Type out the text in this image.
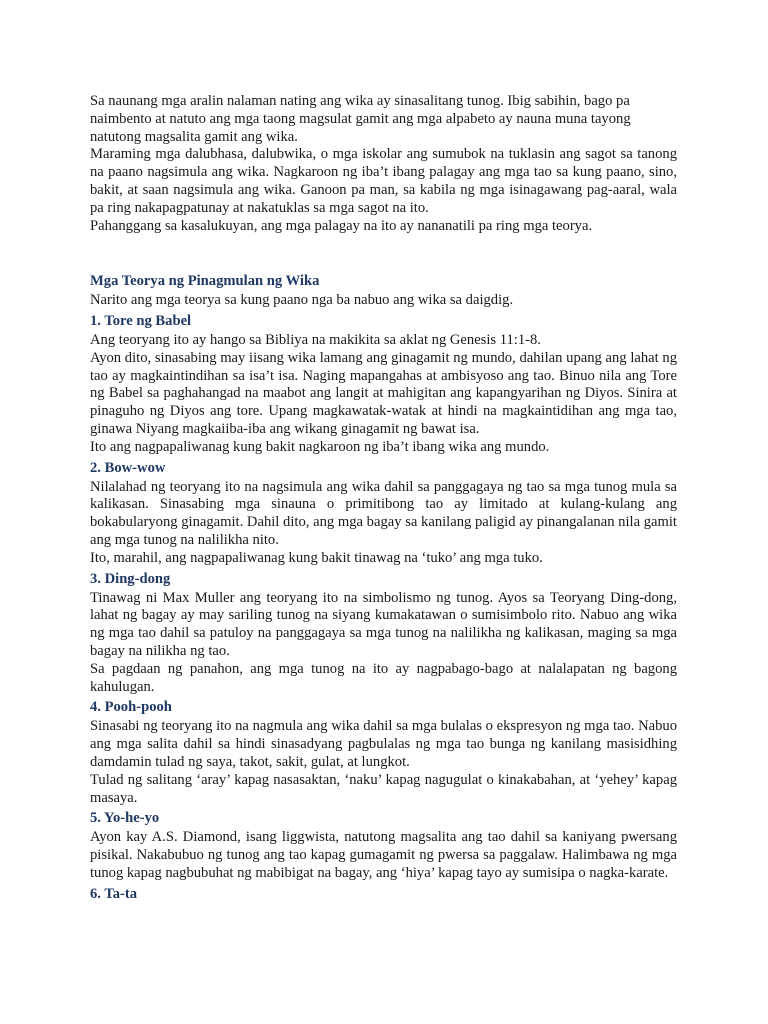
Sa naunang mga aralin nalaman nating ang wika ay sinasalitang tunog. Ibig sabihin, bago pa naimbento at natuto ang mga taong magsulat gamit ang mga alpabeto ay nauna muna tayong natutong magsalita gamit ang wika.

Maraming mga dalubhasa, dalubwika, o mga iskolar ang sumubok na tuklasin ang sagot sa tanong na paano nagsimula ang wika. Nagkaroon ng iba’t ibang palagay ang mga tao sa kung paano, sino, bakit, at saan nagsimula ang wika. Ganoon pa man, sa kabila ng mga isinagawang pag-aaral, wala pa ring nakapagpatunay at nakatuklas sa mga sagot na ito.

Pahanggang sa kasalukuyan, ang mga palagay na ito ay nananatili pa ring mga teorya.

Mga Teorya ng Pinagmulan ng Wika

Narito ang mga teorya sa kung paano nga ba nabuo ang wika sa daigdig.

1. Tore ng Babel

Ang teoryang ito ay hango sa Bibliya na makikita sa aklat ng Genesis 11:1-8.

Ayon dito, sinasabing may iisang wika lamang ang ginagamit ng mundo, dahilan upang ang lahat ng tao ay magkaintindihan sa isa’t isa. Naging mapangahas at ambisyoso ang tao. Binuo nila ang Tore ng Babel sa paghahangad na maabot ang langit at mahigitan ang kapangyarihan ng Diyos. Sinira at pinaguho ng Diyos ang tore. Upang magkawatak-watak at hindi na magkaintidihan ang mga tao, ginawa Niyang magkaiiba-iba ang wikang ginagamit ng bawat isa.

Ito ang nagpapaliwanag kung bakit nagkaroon ng iba’t ibang wika ang mundo.

2. Bow-wow

Nilalahad ng teoryang ito na nagsimula ang wika dahil sa panggagaya ng tao sa mga tunog mula sa kalikasan. Sinasabing mga sinauna o primitibong tao ay limitado at kulang-kulang ang bokabularyong ginagamit. Dahil dito, ang mga bagay sa kanilang paligid ay pinangalanan nila gamit ang mga tunog na nalilikha nito.

Ito, marahil, ang nagpapaliwanag kung bakit tinawag na ‘tuko’ ang mga tuko.

3. Ding-dong

Tinawag ni Max Muller ang teoryang ito na simbolismo ng tunog. Ayos sa Teoryang Ding-dong, lahat ng bagay ay may sariling tunog na siyang kumakatawan o sumisimbolo rito. Nabuo ang wika ng mga tao dahil sa patuloy na panggagaya sa mga tunog na nalilikha ng kalikasan, maging sa mga bagay na nilikha ng tao.

Sa pagdaan ng panahon, ang mga tunog na ito ay nagpabago-bago at nalalapatan ng bagong kahulugan.

4. Pooh-pooh

Sinasabi ng teoryang ito na nagmula ang wika dahil sa mga bulalas o ekspresyon ng mga tao. Nabuo ang mga salita dahil sa hindi sinasadyang pagbulalas ng mga tao bunga ng kanilang masisidhing damdamin tulad ng saya, takot, sakit, gulat, at lungkot.

Tulad ng salitang ‘aray’ kapag nasasaktan, ‘naku’ kapag nagugulat o kinakabahan, at ‘yehey’ kapag masaya.

5. Yo-he-yo

Ayon kay A.S. Diamond, isang liggwista, natutong magsalita ang tao dahil sa kaniyang pwersang pisikal. Nakabubuo ng tunog ang tao kapag gumagamit ng pwersa sa paggalaw. Halimbawa ng mga tunog kapag nagbubuhat ng mabibigat na bagay, ang ‘hiya’ kapag tayo ay sumisipa o nagka-karate.

6. Ta-ta
